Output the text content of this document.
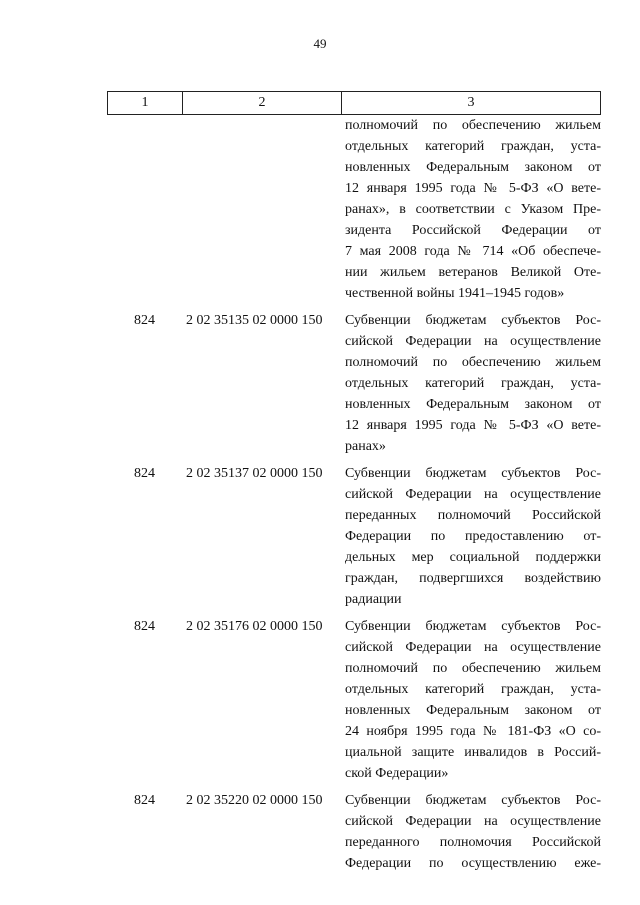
49
1	2	3
полномочий по обеспечению жильем
отдельных категорий граждан, уста-
новленных Федеральным законом от
12 января 1995 года № 5-ФЗ «О вете-
ранах», в соответствии с Указом Пре-
зидента Российской Федерации от
7 мая 2008 года № 714 «Об обеспече-
нии жильем ветеранов Великой Оте-
чественной войны 1941–1945 годов»
824	2 02 35135 02 0000 150	Субвенции бюджетам субъектов Рос-
сийской Федерации на осуществление
полномочий по обеспечению жильем
отдельных категорий граждан, уста-
новленных Федеральным законом от
12 января 1995 года № 5-ФЗ «О вете-
ранах»
824	2 02 35137 02 0000 150	Субвенции бюджетам субъектов Рос-
сийской Федерации на осуществление
переданных полномочий Российской
Федерации по предоставлению от-
дельных мер социальной поддержки
граждан, подвергшихся воздействию
радиации
824	2 02 35176 02 0000 150	Субвенции бюджетам субъектов Рос-
сийской Федерации на осуществление
полномочий по обеспечению жильем
отдельных категорий граждан, уста-
новленных Федеральным законом от
24 ноября 1995 года № 181-ФЗ «О со-
циальной защите инвалидов в Россий-
ской Федерации»
824	2 02 35220 02 0000 150	Субвенции бюджетам субъектов Рос-
сийской Федерации на осуществление
переданного полномочия Российской
Федерации по осуществлению еже-
